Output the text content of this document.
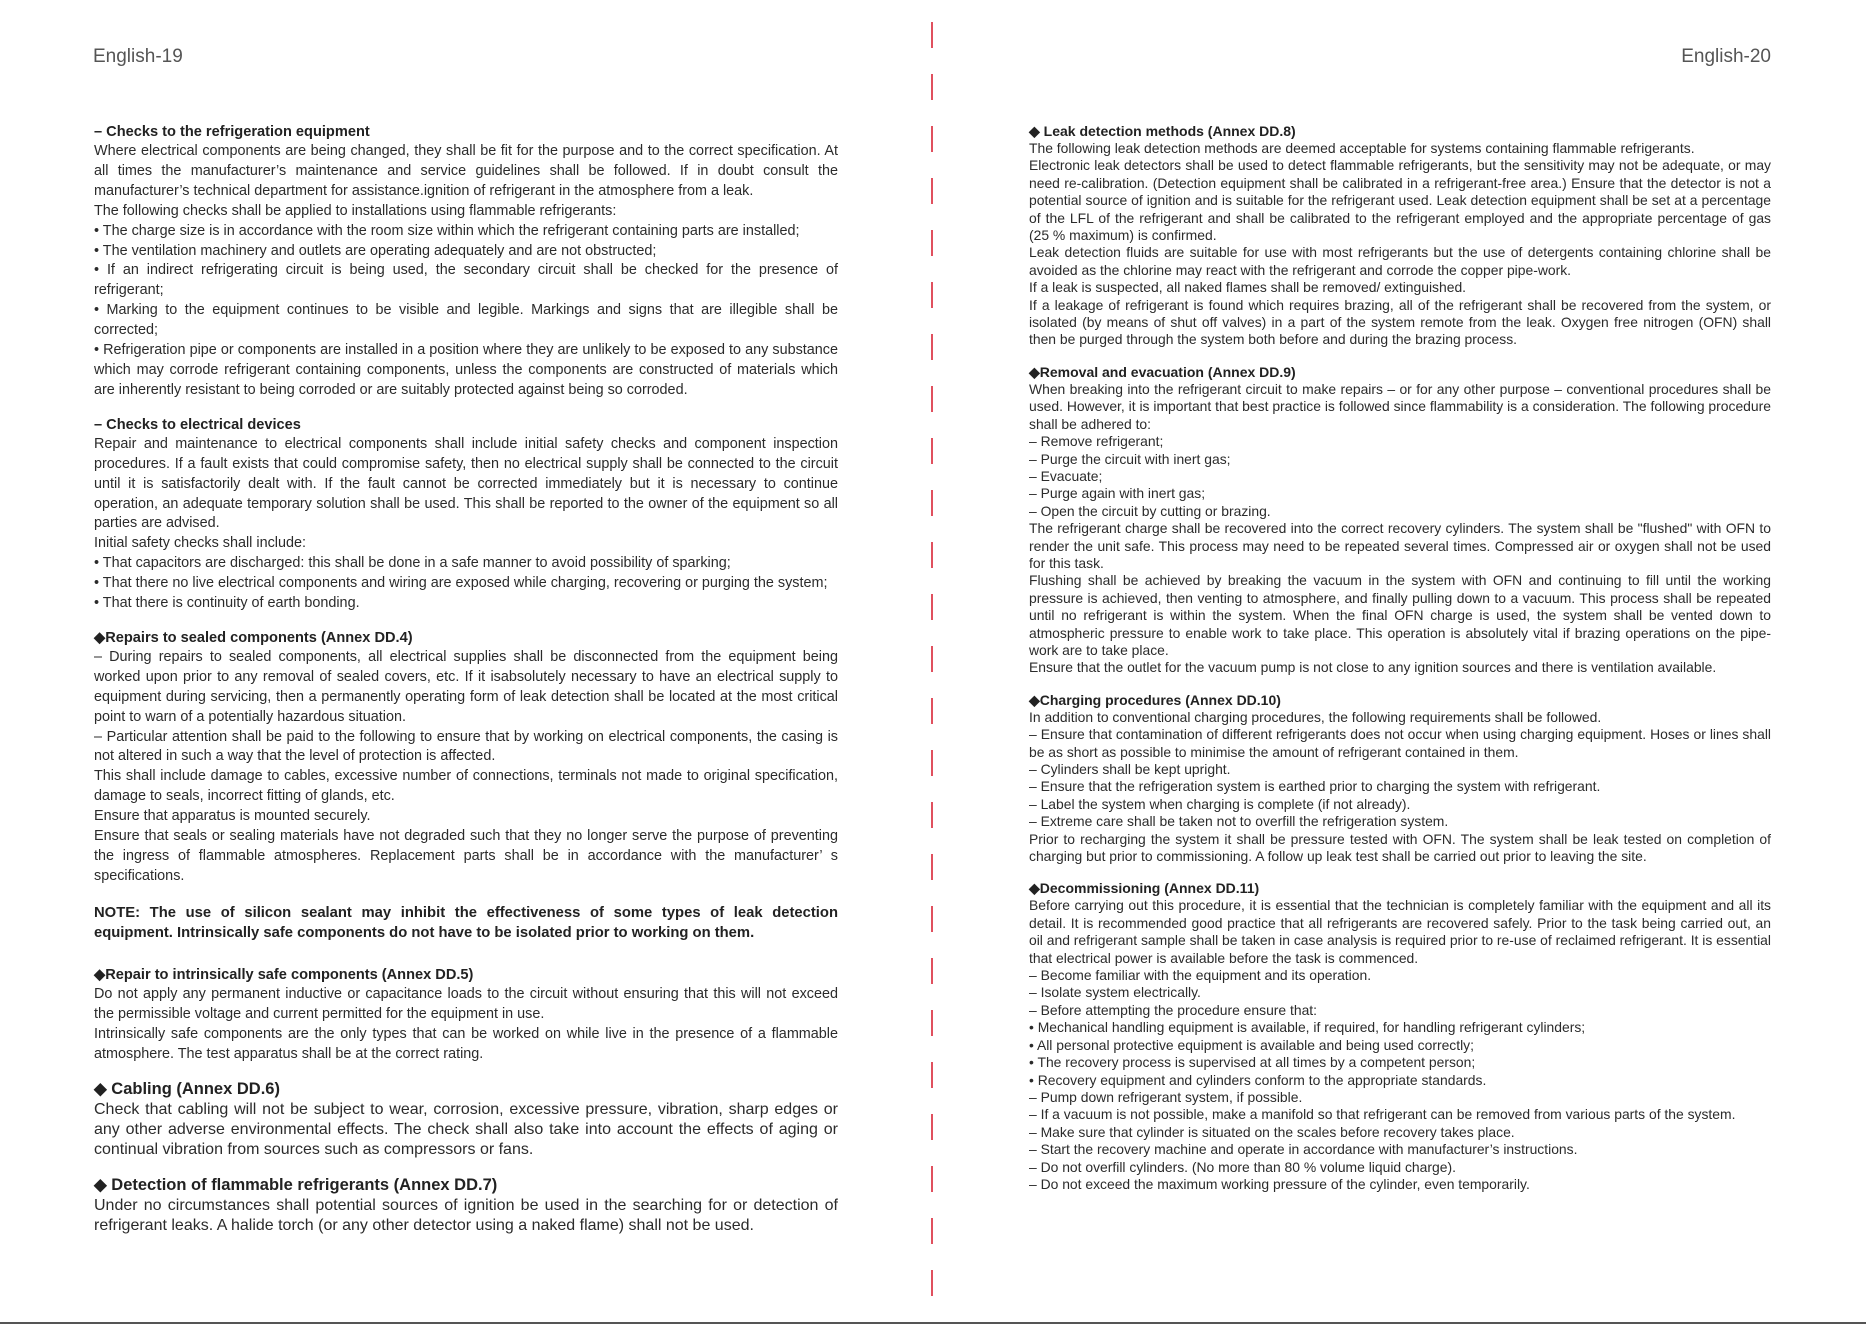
English-19	English-20
– Checks to the refrigeration equipment

Where electrical components are being changed, they shall be fit for the purpose and to the correct specification. At all times the manufacturer’s maintenance and service guidelines shall be followed. If in doubt consult the manufacturer’s technical department for assistance.ignition of refrigerant in the atmosphere from a leak.

The following checks shall be applied to installations using flammable refrigerants:

• The charge size is in accordance with the room size within which the refrigerant containing parts are installed;

• The ventilation machinery and outlets are operating adequately and are not obstructed;

• If an indirect refrigerating circuit is being used, the secondary circuit shall be checked for the presence of refrigerant;

• Marking to the equipment continues to be visible and legible. Markings and signs that are illegible shall be corrected;

• Refrigeration pipe or components are installed in a position where they are unlikely to be exposed to any substance which may corrode refrigerant containing components, unless the components are constructed of materials which are inherently resistant to being corroded or are suitably protected against being so corroded.

– Checks to electrical devices

Repair and maintenance to electrical components shall include initial safety checks and component inspection procedures. If a fault exists that could compromise safety, then no electrical supply shall be connected to the circuit until it is satisfactorily dealt with. If the fault cannot be corrected immediately but it is necessary to continue operation, an adequate temporary solution shall be used. This shall be reported to the owner of the equipment so all parties are advised.

Initial safety checks shall include:

• That capacitors are discharged: this shall be done in a safe manner to avoid possibility of sparking;

• That there no live electrical components and wiring are exposed while charging, recovering or purging the system;

• That there is continuity of earth bonding.

◆Repairs to sealed components (Annex DD.4)

– During repairs to sealed components, all electrical supplies shall be disconnected from the equipment being worked upon prior to any removal of sealed covers, etc. If it isabsolutely necessary to have an electrical supply to equipment during servicing, then a permanently operating form of leak detection shall be located at the most critical point to warn of a potentially hazardous situation.

– Particular attention shall be paid to the following to ensure that by working on electrical components, the casing is not altered in such a way that the level of protection is affected.

This shall include damage to cables, excessive number of connections, terminals not made to original specification, damage to seals, incorrect fitting of glands, etc.

Ensure that apparatus is mounted securely.

Ensure that seals or sealing materials have not degraded such that they no longer serve the purpose of preventing the ingress of flammable atmospheres. Replacement parts shall be in accordance with the manufacturer’ s specifications.

NOTE: The use of silicon sealant may inhibit the effectiveness of some types of leak detection equipment. Intrinsically safe components do not have to be isolated prior to working on them.
◆Repair to intrinsically safe components (Annex DD.5)

Do not apply any permanent inductive or capacitance loads to the circuit without ensuring that this will not exceed the permissible voltage and current permitted for the equipment in use.

Intrinsically safe components are the only types that can be worked on while live in the presence of a flammable atmosphere. The test apparatus shall be at the correct rating.

◆ Cabling (Annex DD.6)

Check that cabling will not be subject to wear, corrosion, excessive pressure, vibration, sharp edges or any other adverse environmental effects. The check shall also take into account the effects of aging or continual vibration from sources such as compressors or fans.

◆ Detection of flammable refrigerants (Annex DD.7)

Under no circumstances shall potential sources of ignition be used in the searching for or detection of refrigerant leaks. A halide torch (or any other detector using a naked flame) shall not be used.

◆ Leak detection methods (Annex DD.8)

The following leak detection methods are deemed acceptable for systems containing flammable refrigerants.

Electronic leak detectors shall be used to detect flammable refrigerants, but the sensitivity may not be adequate, or may need re-calibration. (Detection equipment shall be calibrated in a refrigerant-free area.) Ensure that the detector is not a potential source of ignition and is suitable for the refrigerant used. Leak detection equipment shall be set at a percentage of the LFL of the refrigerant and shall be calibrated to the refrigerant employed and the appropriate percentage of gas (25 % maximum) is confirmed.

Leak detection fluids are suitable for use with most refrigerants but the use of detergents containing chlorine shall be avoided as the chlorine may react with the refrigerant and corrode the copper pipe-work.

If a leak is suspected, all naked flames shall be removed/ extinguished.

If a leakage of refrigerant is found which requires brazing, all of the refrigerant shall be recovered from the system, or isolated (by means of shut off valves) in a part of the system remote from the leak. Oxygen free nitrogen (OFN) shall then be purged through the system both before and during the brazing process.

◆Removal and evacuation (Annex DD.9)

When breaking into the refrigerant circuit to make repairs – or for any other purpose – conventional procedures shall be used. However, it is important that best practice is followed since flammability is a consideration. The following procedure shall be adhered to:

– Remove refrigerant;

– Purge the circuit with inert gas;

– Evacuate;

– Purge again with inert gas;

– Open the circuit by cutting or brazing.

The refrigerant charge shall be recovered into the correct recovery cylinders. The system shall be "flushed" with OFN to render the unit safe. This process may need to be repeated several times. Compressed air or oxygen shall not be used for this task.

Flushing shall be achieved by breaking the vacuum in the system with OFN and continuing to fill until the working pressure is achieved, then venting to atmosphere, and finally pulling down to a vacuum. This process shall be repeated until no refrigerant is within the system. When the final OFN charge is used, the system shall be vented down to atmospheric pressure to enable work to take place. This operation is absolutely vital if brazing operations on the pipe-work are to take place.

Ensure that the outlet for the vacuum pump is not close to any ignition sources and there is ventilation available.

◆Charging procedures (Annex DD.10)

In addition to conventional charging procedures, the following requirements shall be followed.

– Ensure that contamination of different refrigerants does not occur when using charging equipment. Hoses or lines shall be as short as possible to minimise the amount of refrigerant contained in them.

– Cylinders shall be kept upright.

– Ensure that the refrigeration system is earthed prior to charging the system with refrigerant.

– Label the system when charging is complete (if not already).

– Extreme care shall be taken not to overfill the refrigeration system.

Prior to recharging the system it shall be pressure tested with OFN. The system shall be leak tested on completion of charging but prior to commissioning. A follow up leak test shall be carried out prior to leaving the site.

◆Decommissioning (Annex DD.11)

Before carrying out this procedure, it is essential that the technician is completely familiar with the equipment and all its detail. It is recommended good practice that all refrigerants are recovered safely. Prior to the task being carried out, an oil and refrigerant sample shall be taken in case analysis is required prior to re-use of reclaimed refrigerant. It is essential that electrical power is available before the task is commenced.

– Become familiar with the equipment and its operation.

– Isolate system electrically.

– Before attempting the procedure ensure that:

• Mechanical handling equipment is available, if required, for handling refrigerant cylinders;

• All personal protective equipment is available and being used correctly;

• The recovery process is supervised at all times by a competent person;

• Recovery equipment and cylinders conform to the appropriate standards.

– Pump down refrigerant system, if possible.

– If a vacuum is not possible, make a manifold so that refrigerant can be removed from various parts of the system.

– Make sure that cylinder is situated on the scales before recovery takes place.

– Start the recovery machine and operate in accordance with manufacturer’s instructions.

– Do not overfill cylinders. (No more than 80 % volume liquid charge).

– Do not exceed the maximum working pressure of the cylinder, even temporarily.
